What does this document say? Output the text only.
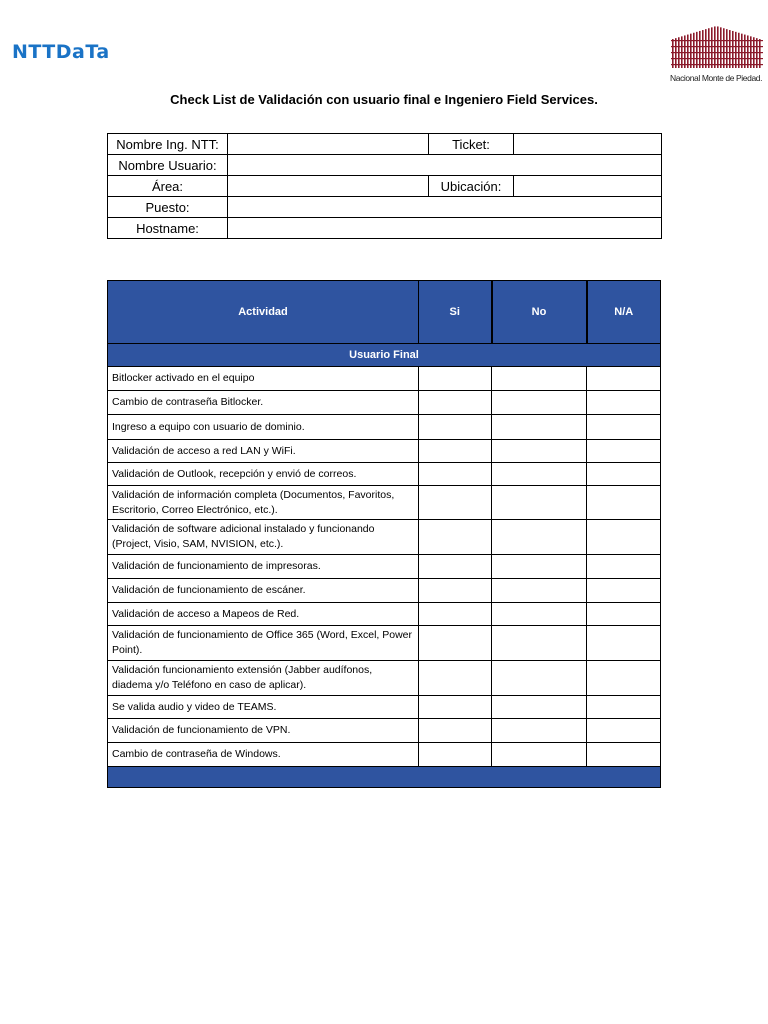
NTTDaTa
Nacional Monte de Piedad.
Check List de Validación con usuario final e Ingeniero Field Services.
Nombre Ing. NTT:		Ticket:	
Nombre Usuario:			
Área:		Ubicación:	
Puesto:			
Hostname:			
Actividad	Si	No	N/A
Usuario Final			
Bitlocker activado en el equipo			
Cambio de contraseña Bitlocker.			
Ingreso a equipo con usuario de dominio.			
Validación de acceso a red LAN y WiFi.			
Validación de Outlook, recepción y envió de correos.			
Validación de información completa (Documentos, Favoritos, Escritorio, Correo Electrónico, etc.).			
Validación de software adicional instalado y funcionando (Project, Visio, SAM, NVISION, etc.).			
Validación de funcionamiento de impresoras.			
Validación de funcionamiento de escáner.			
Validación de acceso a Mapeos de Red.			
Validación de funcionamiento de Office 365 (Word, Excel, Power Point).			
Validación funcionamiento extensión (Jabber audífonos, diadema y/o Teléfono en caso de aplicar).			
Se valida audio y video de TEAMS.			
Validación de funcionamiento de VPN.			
Cambio de contraseña de Windows.			
